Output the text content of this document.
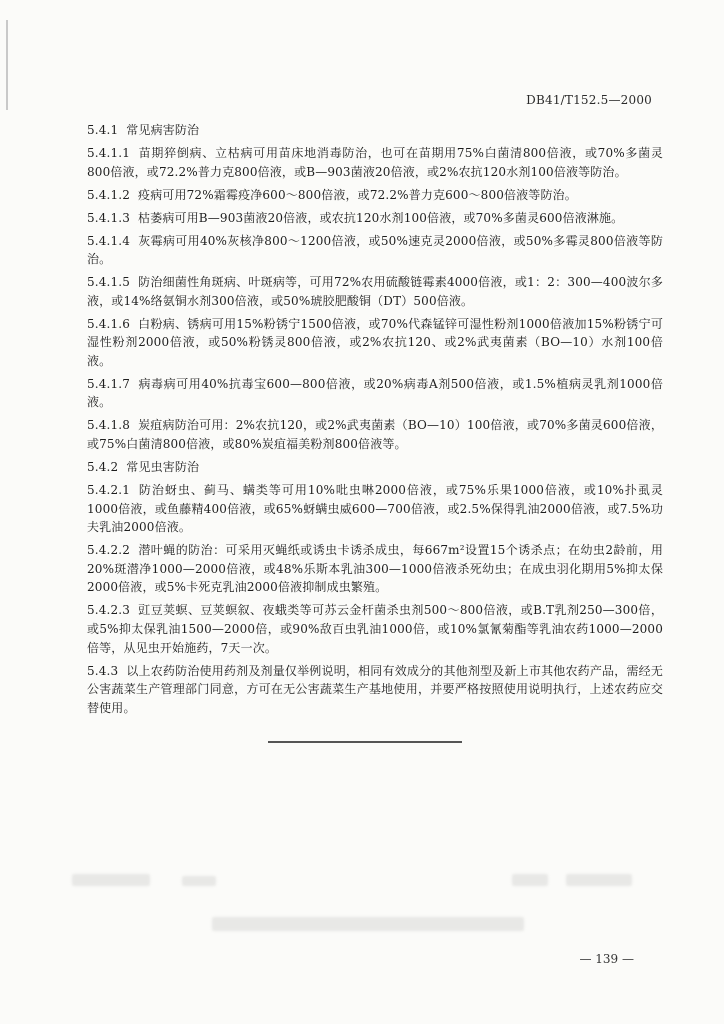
DB41/T152.5—2000

5.4.1 常见病害防治

5.4.1.1 苗期猝倒病、立枯病可用苗床地消毒防治，也可在苗期用75%白菌清800倍液，或70%多菌灵800倍液，或72.2%普力克800倍液，或B—903菌液20倍液，或2%农抗120水剂100倍液等防治。

5.4.1.2 疫病可用72%霜霉疫净600～800倍液，或72.2%普力克600～800倍液等防治。

5.4.1.3 枯萎病可用B—903菌液20倍液，或农抗120水剂100倍液，或70%多菌灵600倍液淋施。

5.4.1.4 灰霉病可用40%灰核净800～1200倍液，或50%速克灵2000倍液，或50%多霉灵800倍液等防治。

5.4.1.5 防治细菌性角斑病、叶斑病等，可用72%农用硫酸链霉素4000倍液，或1：2：300—400波尔多液，或14%络氨铜水剂300倍液，或50%琥胶肥酸铜（DT）500倍液。

5.4.1.6 白粉病、锈病可用15%粉锈宁1500倍液，或70%代森锰锌可湿性粉剂1000倍液加15%粉锈宁可湿性粉剂2000倍液，或50%粉锈灵800倍液，或2%农抗120、或2%武夷菌素（BO—10）水剂100倍液。

5.4.1.7 病毒病可用40%抗毒宝600—800倍液，或20%病毒A剂500倍液，或1.5%植病灵乳剂1000倍液。

5.4.1.8 炭疽病防治可用：2%农抗120，或2%武夷菌素（BO—10）100倍液，或70%多菌灵600倍液，或75%白菌清800倍液，或80%炭疽福美粉剂800倍液等。

5.4.2 常见虫害防治

5.4.2.1 防治蚜虫、蓟马、螨类等可用10%吡虫啉2000倍液，或75%乐果1000倍液，或10%扑虱灵1000倍液，或鱼藤精400倍液，或65%蚜螨虫威600—700倍液，或2.5%保得乳油2000倍液，或7.5%功夫乳油2000倍液。

5.4.2.2 潜叶蝇的防治：可采用灭蝇纸或诱虫卡诱杀成虫，每667m²设置15个诱杀点；在幼虫2龄前，用20%斑潜净1000—2000倍液，或48%乐斯本乳油300—1000倍液杀死幼虫；在成虫羽化期用5%抑太保2000倍液，或5%卡死克乳油2000倍液抑制成虫繁殖。

5.4.2.3 豇豆荚螟、豆荚螟叙、夜蛾类等可苏云金杆菌杀虫剂500～800倍液，或B.T乳剂250—300倍，或5%抑太保乳油1500—2000倍，或90%敌百虫乳油1000倍，或10%氯氰菊酯等乳油农药1000—2000倍等，从见虫开始施药，7天一次。

5.4.3 以上农药防治使用药剂及剂量仅举例说明，相同有效成分的其他剂型及新上市其他农药产品，需经无公害蔬菜生产管理部门同意，方可在无公害蔬菜生产基地使用，并要严格按照使用说明执行，上述农药应交替使用。

— 139 —
